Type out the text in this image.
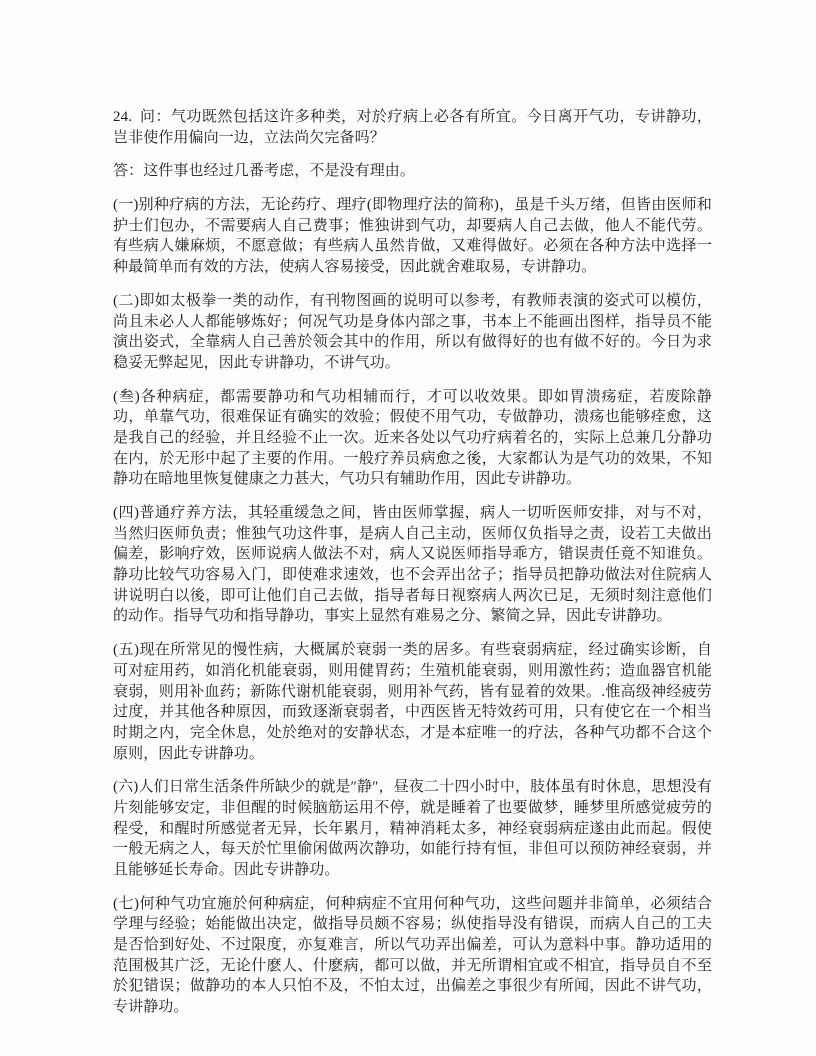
24. 问：气功既然包括这许多种类，对於疗病上必各有所宜。今日离开气功，专讲静功，岂非使作用偏向一边，立法尚欠完备吗？

答：这件事也经过几番考虑，不是没有理由。

(一)别种疗病的方法，无论药疗、理疗(即物理疗法的简称)，虽是千头万绪，但皆由医师和护士们包办，不需要病人自己费事；惟独讲到气功，却要病人自己去做，他人不能代劳。有些病人嫌麻烦，不愿意做；有些病人虽然肯做，又难得做好。必须在各种方法中选择一种最简单而有效的方法，使病人容易接受，因此就舍难取易，专讲静功。

(二)即如太极拳一类的动作，有刊物图画的说明可以参考，有教师表演的姿式可以模仿，尚且未必人人都能够炼好；何况气功是身体内部之事，书本上不能画出图样，指导员不能演出姿式，全靠病人自己善於领会其中的作用，所以有做得好的也有做不好的。今日为求稳妥无弊起见，因此专讲静功，不讲气功。

(叁)各种病症，都需要静功和气功相辅而行，才可以收效果。即如胃溃疡症，若废除静功，单靠气功，很难保证有确实的效验；假使不用气功，专做静功，溃疡也能够痊愈，这是我自己的经验，并且经验不止一次。近来各处以气功疗病着名的，实际上总兼几分静功在内，於无形中起了主要的作用。一般疗养员病愈之後，大家都认为是气功的效果，不知静功在暗地里恢复健康之力甚大，气功只有辅助作用，因此专讲静功。

(四)普通疗养方法，其轻重缓急之间，皆由医师掌握，病人一切听医师安排，对与不对，当然归医师负责；惟独气功这件事，是病人自己主动，医师仅负指导之责，设若工夫做出偏差，影响疗效，医师说病人做法不对，病人又说医师指导乖方，错误责任竟不知谁负。静功比较气功容易入门，即使难求速效，也不会弄出岔子；指导员把静功做法对住院病人讲说明白以後，即可让他们自己去做，指导者每日视察病人两次已足，无须时刻注意他们的动作。指导气功和指导静功，事实上显然有难易之分、繁简之异，因此专讲静功。

(五)现在所常见的慢性病，大概属於衰弱一类的居多。有些衰弱病症，经过确实诊断，自可对症用药，如消化机能衰弱，则用健胃药；生殖机能衰弱，则用激性药；造血器官机能衰弱，则用补血药；新陈代谢机能衰弱，则用补气药，皆有显着的效果。.惟高级神经疲劳过度，并其他各种原因，而致逐渐衰弱者，中西医皆无特效药可用，只有使它在一个相当时期之内，完全休息，处於绝对的安静状态，才是本症唯一的疗法，各种气功都不合这个原则，因此专讲静功。

(六)人们日常生活条件所缺少的就是″静″，昼夜二十四小时中，肢体虽有时休息，思想没有片刻能够安定，非但醒的时候脑筋运用不停，就是睡着了也要做梦，睡梦里所感觉疲劳的程受，和醒时所感觉者无异，长年累月，精神消耗太多，神经衰弱病症遂由此而起。假使一般无病之人，每天於忙里偷闲做两次静功，如能行持有恒，非但可以预防神经衰弱，并且能够延长寿命。因此专讲静功。

(七)何种气功宜施於何种病症，何种病症不宜用何种气功，这些问题并非简单，必须结合学理与经验；始能做出决定，做指导员颇不容易；纵使指导没有错误，而病人自己的工夫是否恰到好处、不过限度，亦复难言，所以气功弄出偏差，可认为意料中事。静功适用的范围极其广泛，无论什麽人、什麽病，都可以做，并无所谓相宜或不相宜，指导员自不至於犯错误；做静功的本人只怕不及，不怕太过，出偏差之事很少有所闻，因此不讲气功，专讲静功。
